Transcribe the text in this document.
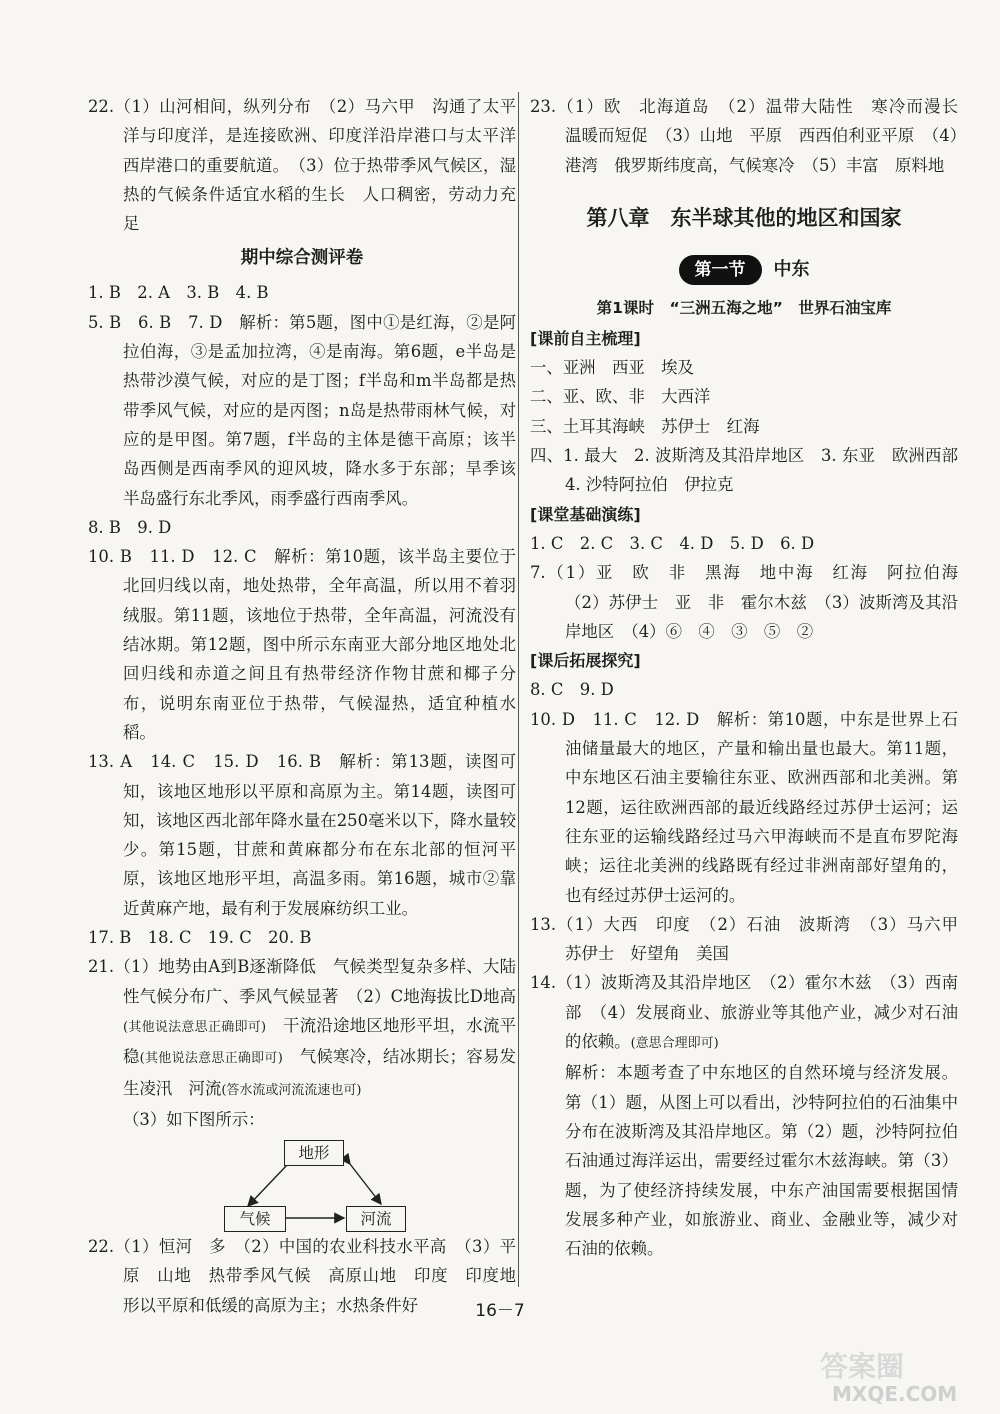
22.（1）山河相间，纵列分布　（2）马六甲　沟通了太平洋与印度洋，是连接欧洲、印度洋沿岸港口与太平洋西岸港口的重要航道。　（3）位于热带季风气候区，湿热的气候条件适宜水稻的生长　人口稠密，劳动力充足

期中综合测评卷

1. B　2. A　3. B　4. B

5. B　6. B　7. D　解析：第5题，图中①是红海，②是阿拉伯海，③是孟加拉湾，④是南海。第6题，e半岛是热带沙漠气候，对应的是丁图；f半岛和m半岛都是热带季风气候，对应的是丙图；n岛是热带雨林气候，对应的是甲图。第7题，f半岛的主体是德干高原；该半岛西侧是西南季风的迎风坡，降水多于东部；旱季该半岛盛行东北季风，雨季盛行西南季风。

8. B　9. D

10. B　11. D　12. C　解析：第10题，该半岛主要位于北回归线以南，地处热带，全年高温，所以用不着羽绒服。第11题，该地位于热带，全年高温，河流没有结冰期。第12题，图中所示东南亚大部分地区地处北回归线和赤道之间且有热带经济作物甘蔗和椰子分布，说明东南亚位于热带，气候湿热，适宜种植水稻。

13. A　14. C　15. D　16. B　解析：第13题，读图可知，该地区地形以平原和高原为主。第14题，读图可知，该地区西北部年降水量在250毫米以下，降水量较少。第15题，甘蔗和黄麻都分布在东北部的恒河平原，该地区地形平坦，高温多雨。第16题，城市②靠近黄麻产地，最有利于发展麻纺织工业。

17. B　18. C　19. C　20. B

21.（1）地势由A到B逐渐降低　气候类型复杂多样、大陆性气候分布广、季风气候显著　（2）C地海拔比D地高(其他说法意思正确即可)　干流沿途地区地形平坦，水流平稳(其他说法意思正确即可)　气候寒冷，结冰期长；容易发生凌汛　河流(答水流或河流流速也可)

（3）如下图所示：

地形
气候	河流

22.（1）恒河　多　（2）中国的农业科技水平高　（3）平原　山地　热带季风气候　高原山地　印度　印度地形以平原和低缓的高原为主；水热条件好

23.（1）欧　北海道岛　（2）温带大陆性　寒冷而漫长　温暖而短促　（3）山地　平原　西西伯利亚平原　（4）港湾　俄罗斯纬度高，气候寒冷　（5）丰富　原料地

第八章　东半球其他的地区和国家
第一节 中东
第1课时　“三洲五海之地”　世界石油宝库
[课前自主梳理]

一、亚洲　西亚　埃及

二、亚、欧、非　大西洋

三、土耳其海峡　苏伊士　红海

四、1. 最大　2. 波斯湾及其沿岸地区　3. 东亚　欧洲西部　4. 沙特阿拉伯　伊拉克

[课堂基础演练]

1. C　2. C　3. C　4. D　5. D　6. D

7.（1）亚　欧　非　黑海　地中海　红海　阿拉伯海　（2）苏伊士　亚　非　霍尔木兹　（3）波斯湾及其沿岸地区　（4）⑥　④　③　⑤　②

[课后拓展探究]

8. C　9. D

10. D　11. C　12. D　解析：第10题，中东是世界上石油储量最大的地区，产量和输出量也最大。第11题，中东地区石油主要输往东亚、欧洲西部和北美洲。第12题，运往欧洲西部的最近线路经过苏伊士运河；运往东亚的运输线路经过马六甲海峡而不是直布罗陀海峡；运往北美洲的线路既有经过非洲南部好望角的，也有经过苏伊士运河的。

13.（1）大西　印度　（2）石油　波斯湾　（3）马六甲　苏伊士　好望角　美国

14.（1）波斯湾及其沿岸地区　（2）霍尔木兹　（3）西南部　（4）发展商业、旅游业等其他产业，减少对石油的依赖。(意思合理即可)

解析：本题考查了中东地区的自然环境与经济发展。第（1）题，从图上可以看出，沙特阿拉伯的石油集中分布在波斯湾及其沿岸地区。第（2）题，沙特阿拉伯石油通过海洋运出，需要经过霍尔木兹海峡。第（3）题，为了使经济持续发展，中东产油国需要根据国情发展多种产业，如旅游业、商业、金融业等，减少对石油的依赖。

16－7
答案圈
MXQE.COM
